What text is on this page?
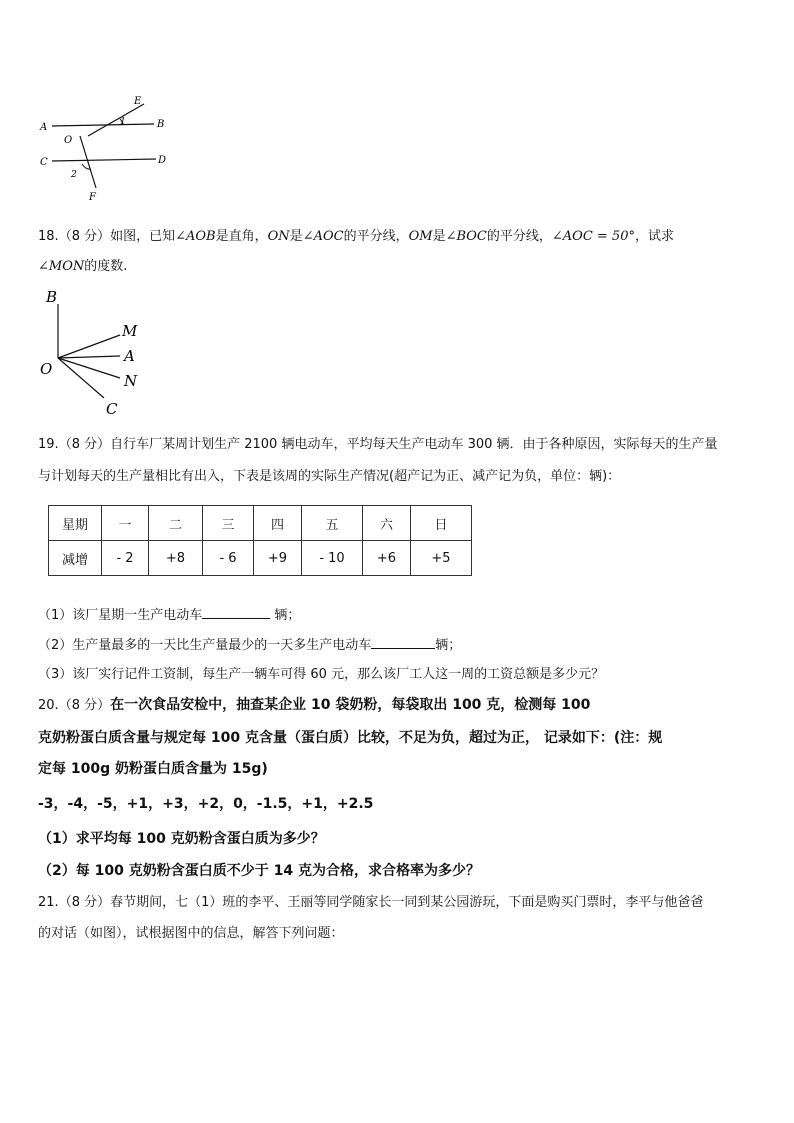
A	B
C	D
E
F
O
1
2
18.（8 分）如图，已知∠AOB是直角，ON是∠AOC的平分线，OM是∠BOC的平分线，∠AOC = 50°，试求
∠MON的度数.
B
M
A
O
N
C
19.（8 分）自行车厂某周计划生产 2100 辆电动车，平均每天生产电动车 300 辆．由于各种原因，实际每天的生产量
与计划每天的生产量相比有出入，下表是该周的实际生产情况(超产记为正、减产记为负，单位：辆)：
星期	一	二	三	四	五	六	日
减增	- 2	+8	- 6	+9	- 10	+6	+5
（1）该厂星期一生产电动车	辆；
（2）生产量最多的一天比生产量最少的一天多生产电动车	辆；
（3）该厂实行记件工资制，每生产一辆车可得 60 元，那么该厂工人这一周的工资总额是多少元？
20.（8 分）在一次食品安检中，抽查某企业 10 袋奶粉，每袋取出 100 克，检测每 100
克奶粉蛋白质含量与规定每 100 克含量（蛋白质）比较，不足为负，超过为正， 记录如下：(注：规
定每 100g 奶粉蛋白质含量为 15g)
-3，-4，-5，+1，+3，+2，0，-1.5，+1，+2.5
（1）求平均每 100 克奶粉含蛋白质为多少？
（2）每 100 克奶粉含蛋白质不少于 14 克为合格，求合格率为多少？
21.（8 分）春节期间，七（1）班的李平、王丽等同学随家长一同到某公园游玩，下面是购买门票时，李平与他爸爸
的对话（如图），试根据图中的信息，解答下列问题：
